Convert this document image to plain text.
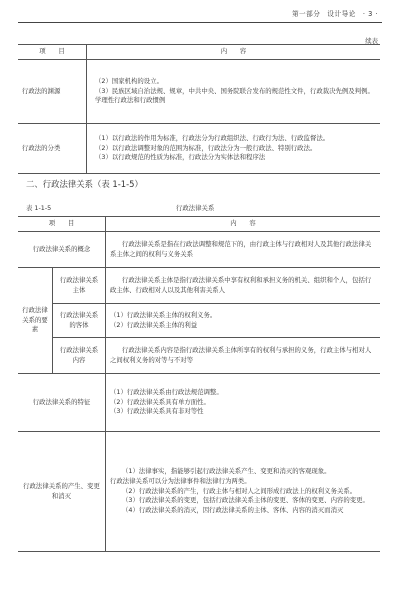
第一部分　设计导论　· 3 ·
续表
项　　目	内　　容
行政法的渊源	（2）国家机构的设立。
（3）民族区域自治法规、规章，中共中央、国务院联合发布的规范性文件，行政裁决先例及判例。
学理性行政法和行政惯例

行政法的分类	（1）以行政法的作用为标准，行政法分为行政组织法、行政行为法、行政监督法。
（2）以行政法调整对象的范围为标准，行政法分为一般行政法、特别行政法。
（3）以行政规范的性质为标准，行政法分为实体法和程序法
二、行政法律关系（表 1-1-5）
表 1-1-5	行政法律关系
项　　目		内　　容
行政法律关系的概念		行政法律关系是指在行政法调整和规范下的，由行政主体与行政相对人及其他行政法律关系主体之间的权利与义务关系

行政法律关系的要素	行政法律关系主体	行政法律关系主体是指行政法律关系中享有权利和承担义务的机关、组织和个人，包括行政主体、行政相对人以及其他利害关系人

	行政法律关系的客体	（1）行政法律关系主体的权利义务。
（2）行政法律关系主体的利益

	行政法律关系内容	行政法律关系内容是指行政法律关系主体所享有的权利与承担的义务，行政主体与相对人之间权利义务的对等与不对等

行政法律关系的特征		（1）行政法律关系由行政法规范调整。
（2）行政法律关系具有单方面性。
（3）行政法律关系具有非对等性

行政法律关系的产生、变更和消灭		（1）法律事实，指能够引起行政法律关系产生、变更和消灭的客观现象。

行政法律关系可以分为法律事件和法律行为两类。

（2）行政法律关系的产生，行政主体与相对人之间形成行政法上的权利义务关系。

（3）行政法律关系的变更，包括行政法律关系主体的变更、客体的变更、内容的变更。

（4）行政法律关系的消灭，因行政法律关系的主体、客体、内容的消灭而消灭
